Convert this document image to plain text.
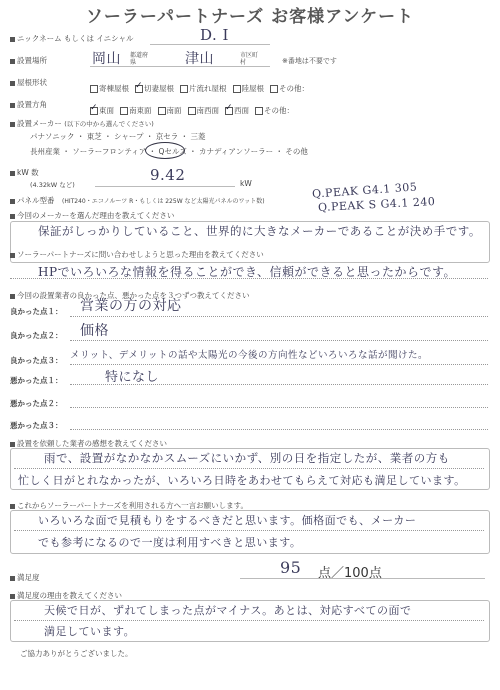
ソーラーパートナーズ お客様アンケート
ニックネーム もしくは イニシャル	D. I
設置場所	岡山 都道府県	津山	市区町村	※番地は不要です
屋根形状
寄棟屋根 ✓ 切妻屋根 片流れ屋根 陸屋根 その他：
設置方角
✓東面 南東面 南面 南西面 ✓ 西面 その他：
設置メーカー (以下の中から選んでください)
パナソニック ・ 東芝 ・ シャープ ・ 京セラ ・ 三菱
長州産業 ・ ソーラーフロンティア ・ Qセルズ ・ カナディアンソーラー ・ その他
kW 数
(4.32kW など)
9.42	kW
パネル型番 (HIT240・エコノルーツ R・もしくは 225W など太陽光パネルのワット数)
Q.PEAK G4.1 305
Q.PEAK S G4.1 240
今回のメーカーを選んだ理由を教えてください
保証がしっかりしていること、世界的に大きなメーカーであることが決め手です。
ソーラーパートナーズに問い合わせしようと思った理由を教えてください
HPでいろいろな情報を得ることができ、信頼ができると思ったからです。
今回の設置業者の良かった点、悪かった点を３つずつ教えてください
良かった点１： 営業の方の対応
良かった点２： 価格
良かった点３： メリット、デメリットの話や太陽光の今後の方向性などいろいろな話が聞けた。
悪かった点１：	特になし
悪かった点２：
悪かった点３：
設置を依頼した業者の感想を教えてください
雨で、設置がなかなかスムーズにいかず、別の日を指定したが、業者の方も
忙しく日がとれなかったが、いろいろ日時をあわせてもらえて対応も満足しています。
これからソーラーパートナーズを利用される方へ一言お願いします。
いろいろな面で見積もりをするべきだと思います。価格面でも、メーカー
でも参考になるので一度は利用すべきと思います。
満足度
95 点／100点
満足度の理由を教えてください
天候で日が、ずれてしまった点がマイナス。あとは、対応すべての面で
満足しています。
ご協力ありがとうございました。
